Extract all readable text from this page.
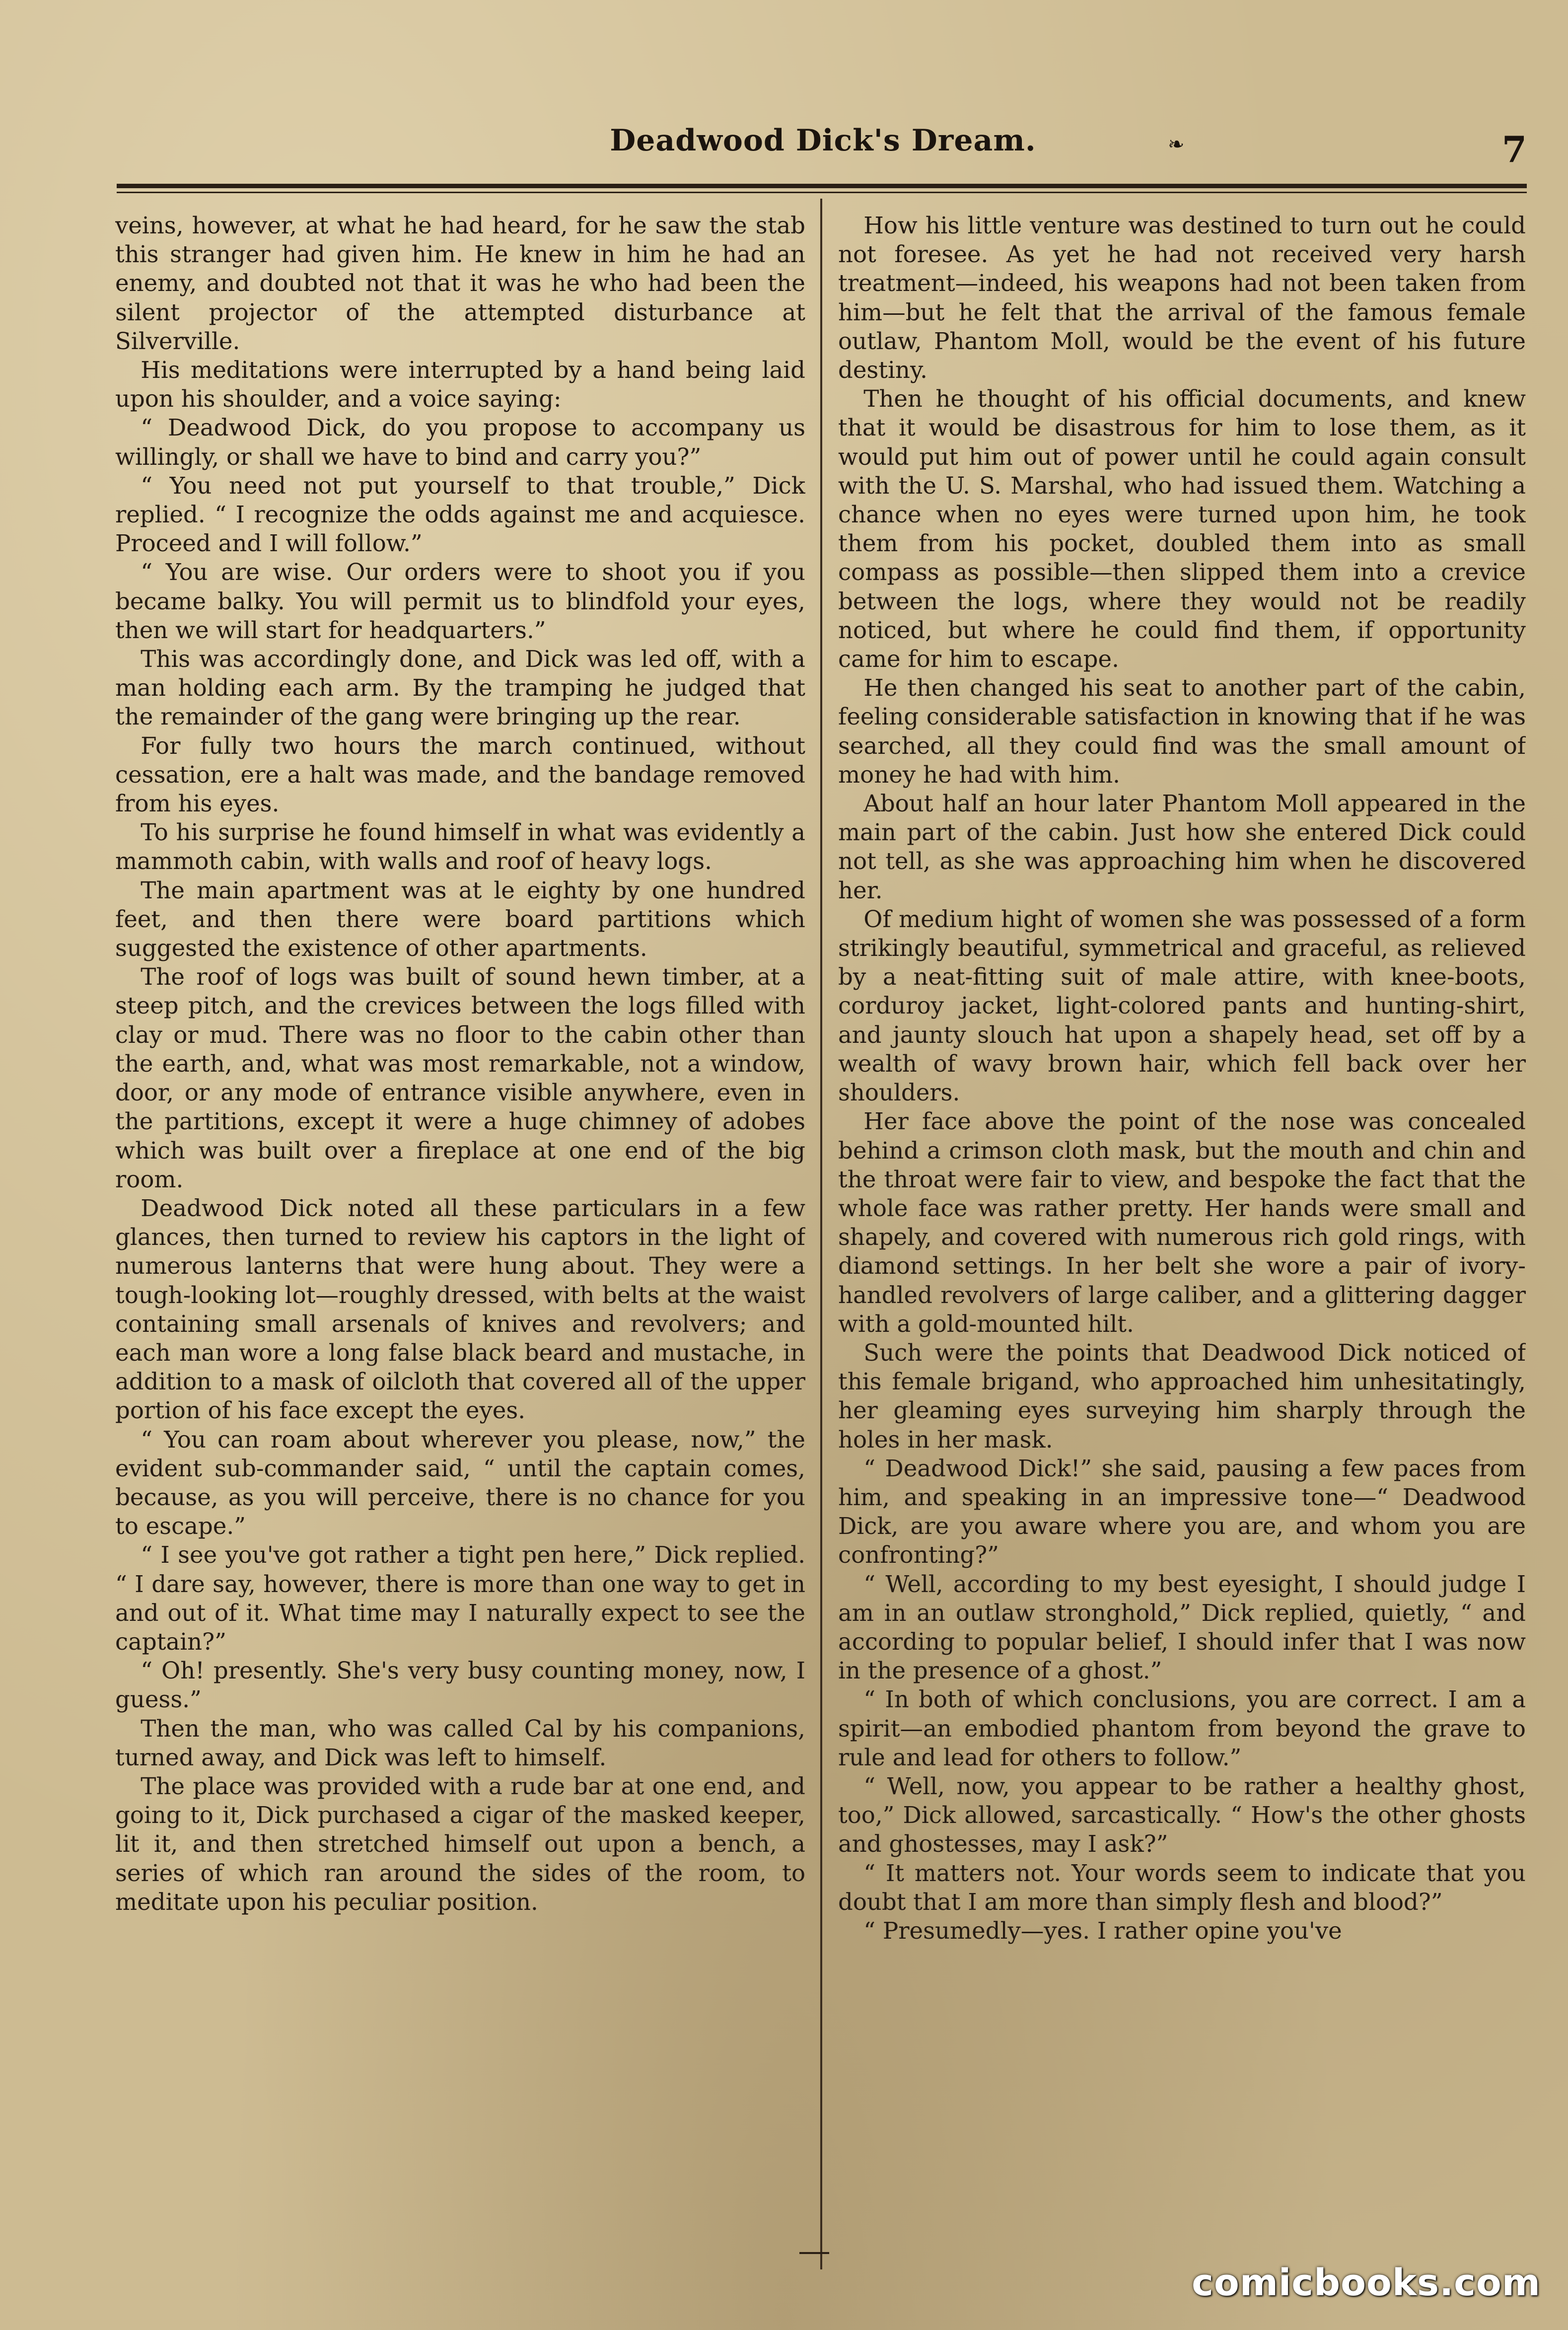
Deadwood Dick's Dream.	❧	7

veins, however, at what he had heard, for he saw the stab this stranger had given him. He knew in him he had an enemy, and doubted not that it was he who had been the silent projector of the attempted disturbance at Silverville.

His meditations were interrupted by a hand being laid upon his shoulder, and a voice saying:

“ Deadwood Dick, do you propose to accompany us willingly, or shall we have to bind and carry you?”

“ You need not put yourself to that trouble,” Dick replied. “ I recognize the odds against me and acquiesce. Proceed and I will follow.”

“ You are wise. Our orders were to shoot you if you became balky. You will permit us to blindfold your eyes, then we will start for headquarters.”

This was accordingly done, and Dick was led off, with a man holding each arm. By the tramping he judged that the remainder of the gang were bringing up the rear.

For fully two hours the march continued, without cessation, ere a halt was made, and the bandage removed from his eyes.

To his surprise he found himself in what was evidently a mammoth cabin, with walls and roof of heavy logs.

The main apartment was at le eighty by one hundred feet, and then there were board partitions which suggested the existence of other apartments.

The roof of logs was built of sound hewn timber, at a steep pitch, and the crevices between the logs filled with clay or mud. There was no floor to the cabin other than the earth, and, what was most remarkable, not a window, door, or any mode of entrance visible anywhere, even in the partitions, except it were a huge chimney of adobes which was built over a fireplace at one end of the big room.

Deadwood Dick noted all these particulars in a few glances, then turned to review his captors in the light of numerous lanterns that were hung about. They were a tough-looking lot—roughly dressed, with belts at the waist containing small arsenals of knives and revolvers; and each man wore a long false black beard and mustache, in addition to a mask of oilcloth that covered all of the upper portion of his face except the eyes.

“ You can roam about wherever you please, now,” the evident sub-commander said, “ until the captain comes, because, as you will perceive, there is no chance for you to escape.”

“ I see you've got rather a tight pen here,” Dick replied. “ I dare say, however, there is more than one way to get in and out of it. What time may I naturally expect to see the captain?”

“ Oh! presently. She's very busy counting money, now, I guess.”

Then the man, who was called Cal by his companions, turned away, and Dick was left to himself.

The place was provided with a rude bar at one end, and going to it, Dick purchased a cigar of the masked keeper, lit it, and then stretched himself out upon a bench, a series of which ran around the sides of the room, to meditate upon his peculiar position.

How his little venture was destined to turn out he could not foresee. As yet he had not received very harsh treatment—indeed, his weapons had not been taken from him—but he felt that the arrival of the famous female outlaw, Phantom Moll, would be the event of his future destiny.

Then he thought of his official documents, and knew that it would be disastrous for him to lose them, as it would put him out of power until he could again consult with the U. S. Marshal, who had issued them. Watching a chance when no eyes were turned upon him, he took them from his pocket, doubled them into as small compass as possible—then slipped them into a crevice between the logs, where they would not be readily noticed, but where he could find them, if opportunity came for him to escape.

He then changed his seat to another part of the cabin, feeling considerable satisfaction in knowing that if he was searched, all they could find was the small amount of money he had with him.

About half an hour later Phantom Moll appeared in the main part of the cabin. Just how she entered Dick could not tell, as she was approaching him when he discovered her.

Of medium hight of women she was possessed of a form strikingly beautiful, symmetrical and graceful, as relieved by a neat-fitting suit of male attire, with knee-boots, corduroy jacket, light-colored pants and hunting-shirt, and jaunty slouch hat upon a shapely head, set off by a wealth of wavy brown hair, which fell back over her shoulders.

Her face above the point of the nose was concealed behind a crimson cloth mask, but the mouth and chin and the throat were fair to view, and bespoke the fact that the whole face was rather pretty. Her hands were small and shapely, and covered with numerous rich gold rings, with diamond settings. In her belt she wore a pair of ivory-handled revolvers of large caliber, and a glittering dagger with a gold-mounted hilt.

Such were the points that Deadwood Dick noticed of this female brigand, who approached him unhesitatingly, her gleaming eyes surveying him sharply through the holes in her mask.

“ Deadwood Dick!” she said, pausing a few paces from him, and speaking in an impressive tone—“ Deadwood Dick, are you aware where you are, and whom you are confronting?”

“ Well, according to my best eyesight, I should judge I am in an outlaw stronghold,” Dick replied, quietly, “ and according to popular belief, I should infer that I was now in the presence of a ghost.”

“ In both of which conclusions, you are correct. I am a spirit—an embodied phantom from beyond the grave to rule and lead for others to follow.”

“ Well, now, you appear to be rather a healthy ghost, too,” Dick allowed, sarcastically. “ How's the other ghosts and ghostesses, may I ask?”

“ It matters not. Your words seem to indicate that you doubt that I am more than simply flesh and blood?”

“ Presumedly—yes. I rather opine you've

comicbooks.com
